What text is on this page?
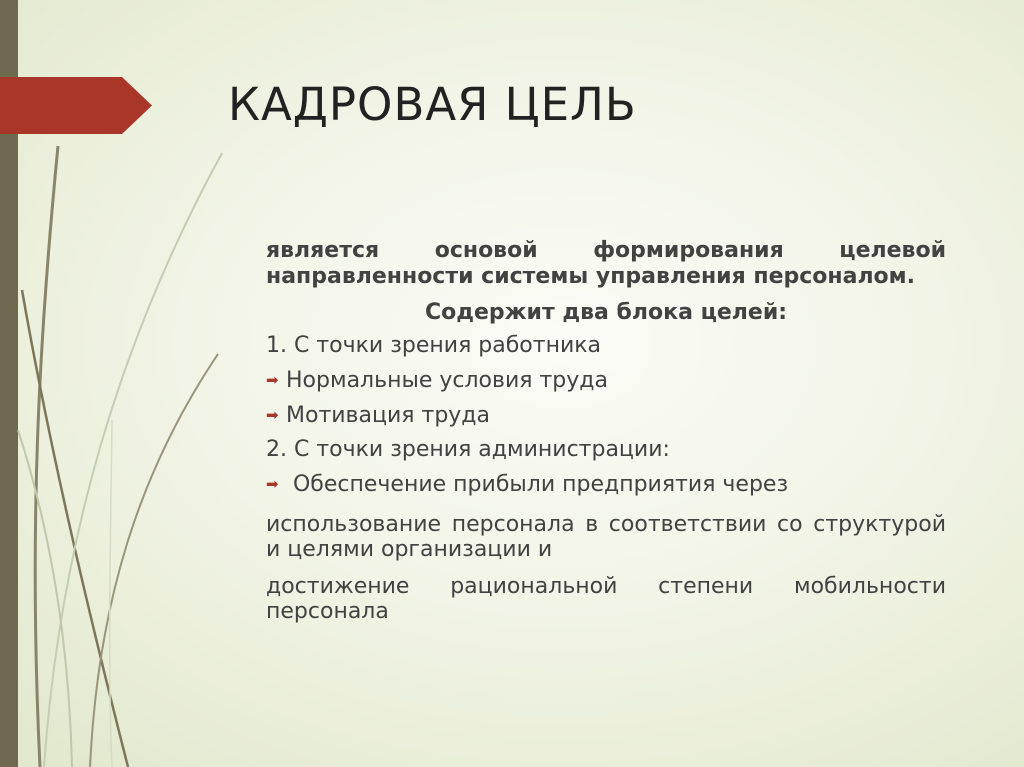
КАДРОВАЯ ЦЕЛЬ

является основой формирования целевой направленности системы управления персоналом.

Содержит два блока целей:

1. С точки зрения работника

➡ Нормальные условия труда

➡ Мотивация труда

2. С точки зрения администрации:

➡ Обеспечение прибыли предприятия через

использование персонала в соответствии со структурой и целями организации и

достижение рациональной степени мобильности персонала
